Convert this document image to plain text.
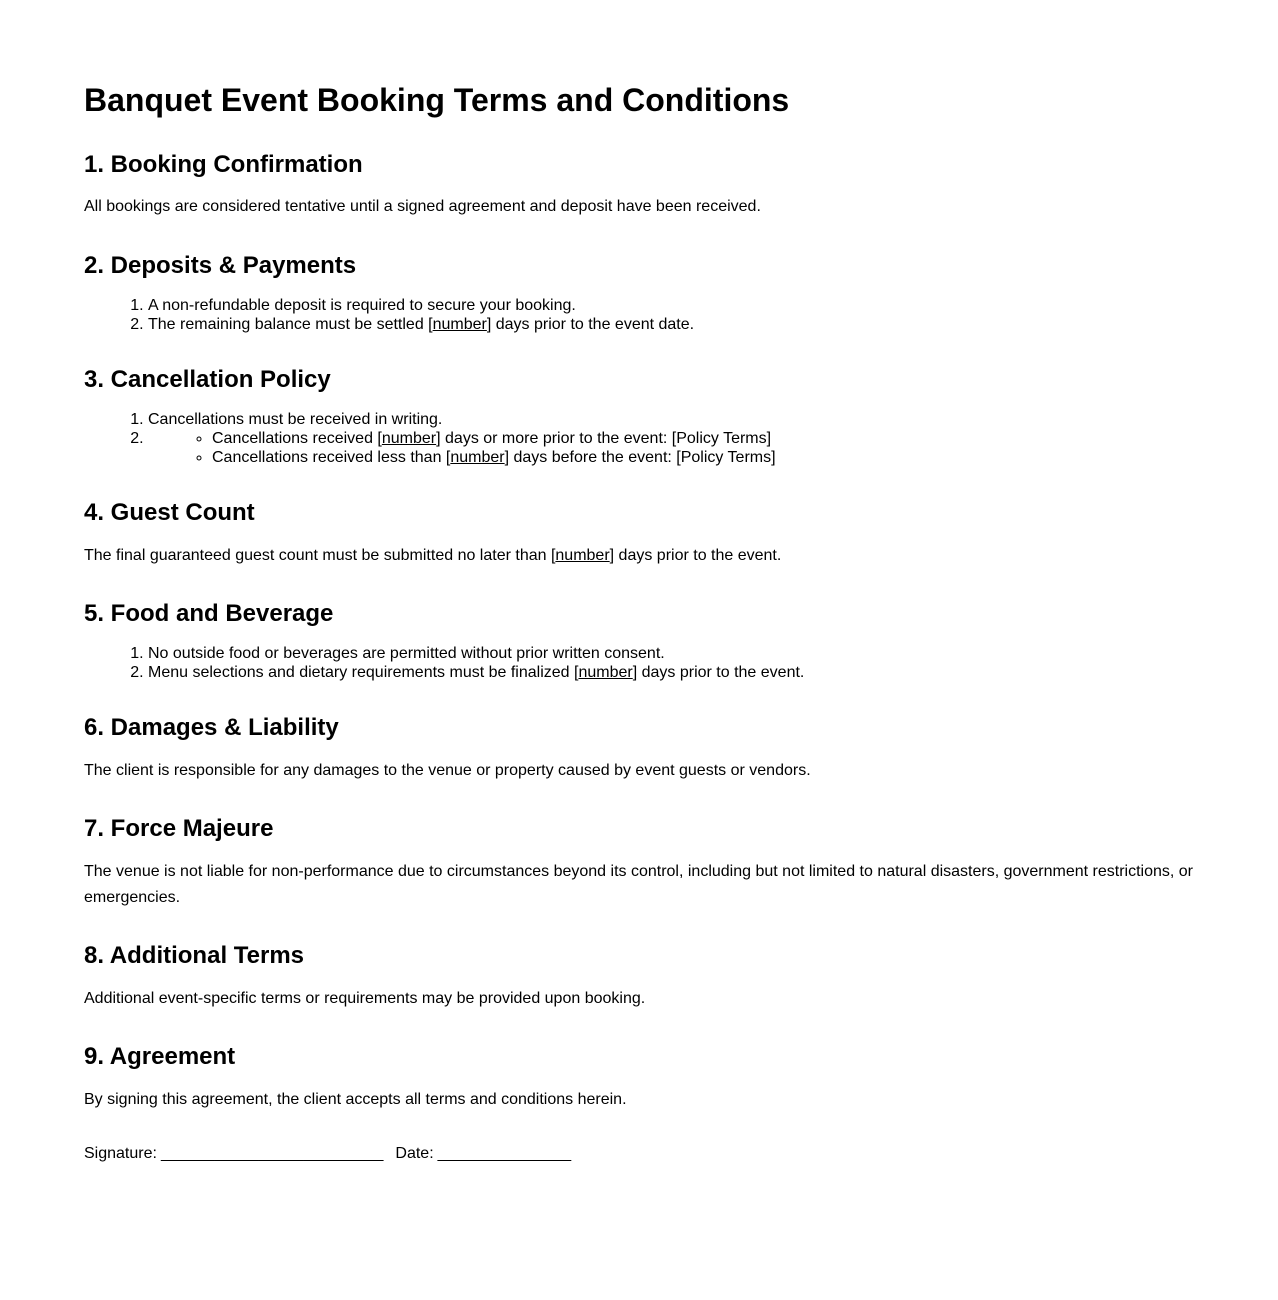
Banquet Event Booking Terms and Conditions
1. Booking Confirmation

All bookings are considered tentative until a signed agreement and deposit have been received.

2. Deposits & Payments
1. A non-refundable deposit is required to secure your booking.
2. The remaining balance must be settled [number] days prior to the event date.
3. Cancellation Policy
1. Cancellations must be received in writing.
◦ 2. Cancellations received [number] days or more prior to the event: [Policy Terms]
◦ Cancellations received less than [number] days before the event: [Policy Terms]
4. Guest Count

The final guaranteed guest count must be submitted no later than [number] days prior to the event.

5. Food and Beverage
1. No outside food or beverages are permitted without prior written consent.
2. Menu selections and dietary requirements must be finalized [number] days prior to the event.
6. Damages & Liability

The client is responsible for any damages to the venue or property caused by event guests or vendors.

7. Force Majeure

The venue is not liable for non-performance due to circumstances beyond its control, including but not limited to natural disasters, government restrictions, or emergencies.

8. Additional Terms

Additional event-specific terms or requirements may be provided upon booking.

9. Agreement

By signing this agreement, the client accepts all terms and conditions herein.

Signature: _________________________ Date: _______________
